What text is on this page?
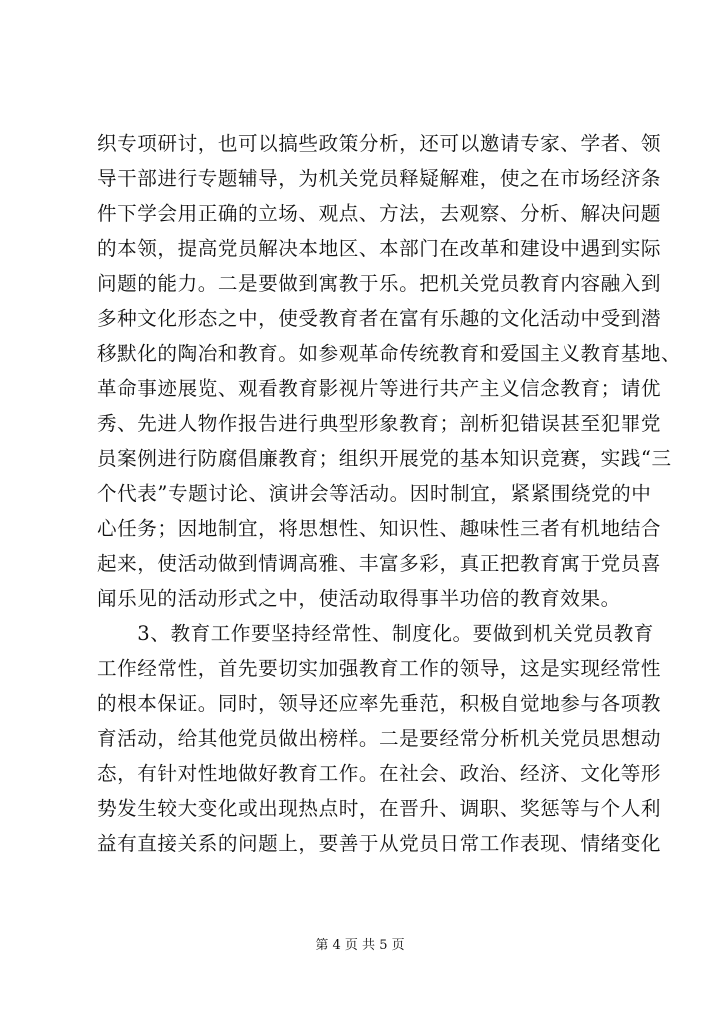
织专项研讨，也可以搞些政策分析，还可以邀请专家、学者、领
导干部进行专题辅导，为机关党员释疑解难，使之在市场经济条
件下学会用正确的立场、观点、方法，去观察、分析、解决问题
的本领，提高党员解决本地区、本部门在改革和建设中遇到实际
问题的能力。二是要做到寓教于乐。把机关党员教育内容融入到
多种文化形态之中，使受教育者在富有乐趣的文化活动中受到潜
移默化的陶冶和教育。如参观革命传统教育和爱国主义教育基地、
革命事迹展览、观看教育影视片等进行共产主义信念教育；请优
秀、先进人物作报告进行典型形象教育；剖析犯错误甚至犯罪党
员案例进行防腐倡廉教育；组织开展党的基本知识竞赛，实践“三
个代表”专题讨论、演讲会等活动。因时制宜，紧紧围绕党的中
心任务；因地制宜，将思想性、知识性、趣味性三者有机地结合
起来，使活动做到情调高雅、丰富多彩，真正把教育寓于党员喜
闻乐见的活动形式之中，使活动取得事半功倍的教育效果。
　　3、教育工作要坚持经常性、制度化。要做到机关党员教育
工作经常性，首先要切实加强教育工作的领导，这是实现经常性
的根本保证。同时，领导还应率先垂范，积极自觉地参与各项教
育活动，给其他党员做出榜样。二是要经常分析机关党员思想动
态，有针对性地做好教育工作。在社会、政治、经济、文化等形
势发生较大变化或出现热点时，在晋升、调职、奖惩等与个人利
益有直接关系的问题上，要善于从党员日常工作表现、情绪变化
第 4 页 共 5 页
